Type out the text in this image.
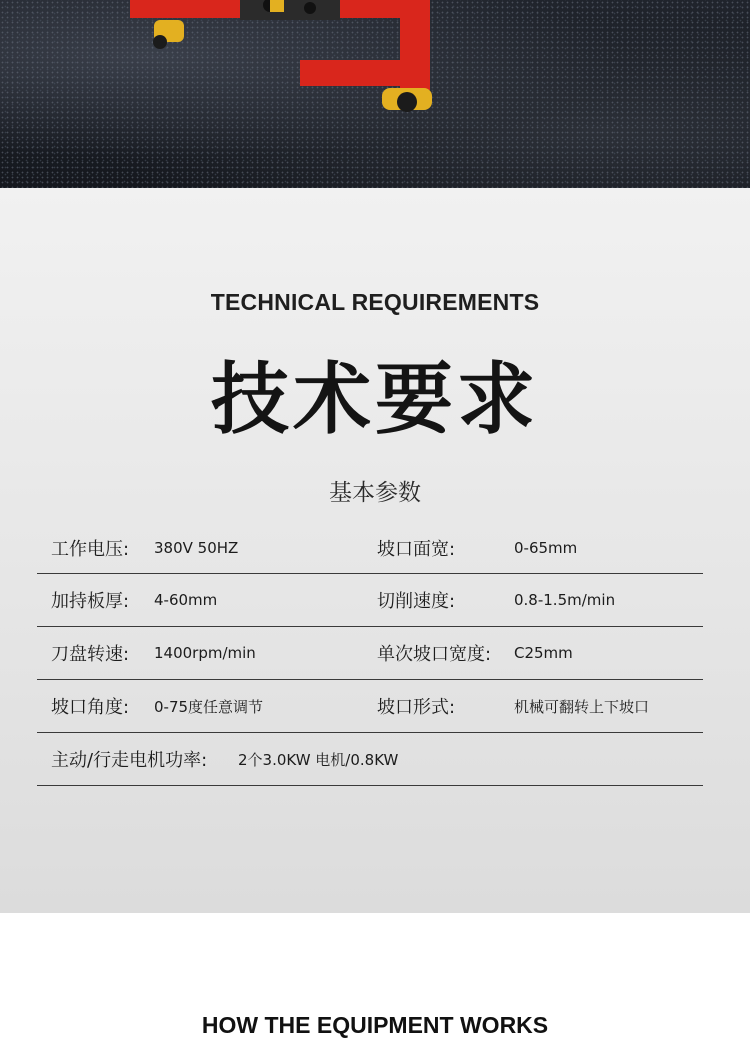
TECHNICAL REQUIREMENTS
技术要求
基本参数
工作电压: 380V 50HZ	坡口面宽:	0-65mm
加持板厚: 4-60mm	切削速度:	0.8-1.5m/min
刀盘转速: 1400rpm/min	单次坡口宽度: C25mm
坡口角度: 0-75度任意调节	坡口形式:	机械可翻转上下坡口
主动/行走电机功率: 2个3.0KW 电机/0.8KW
HOW THE EQUIPMENT WORKS
